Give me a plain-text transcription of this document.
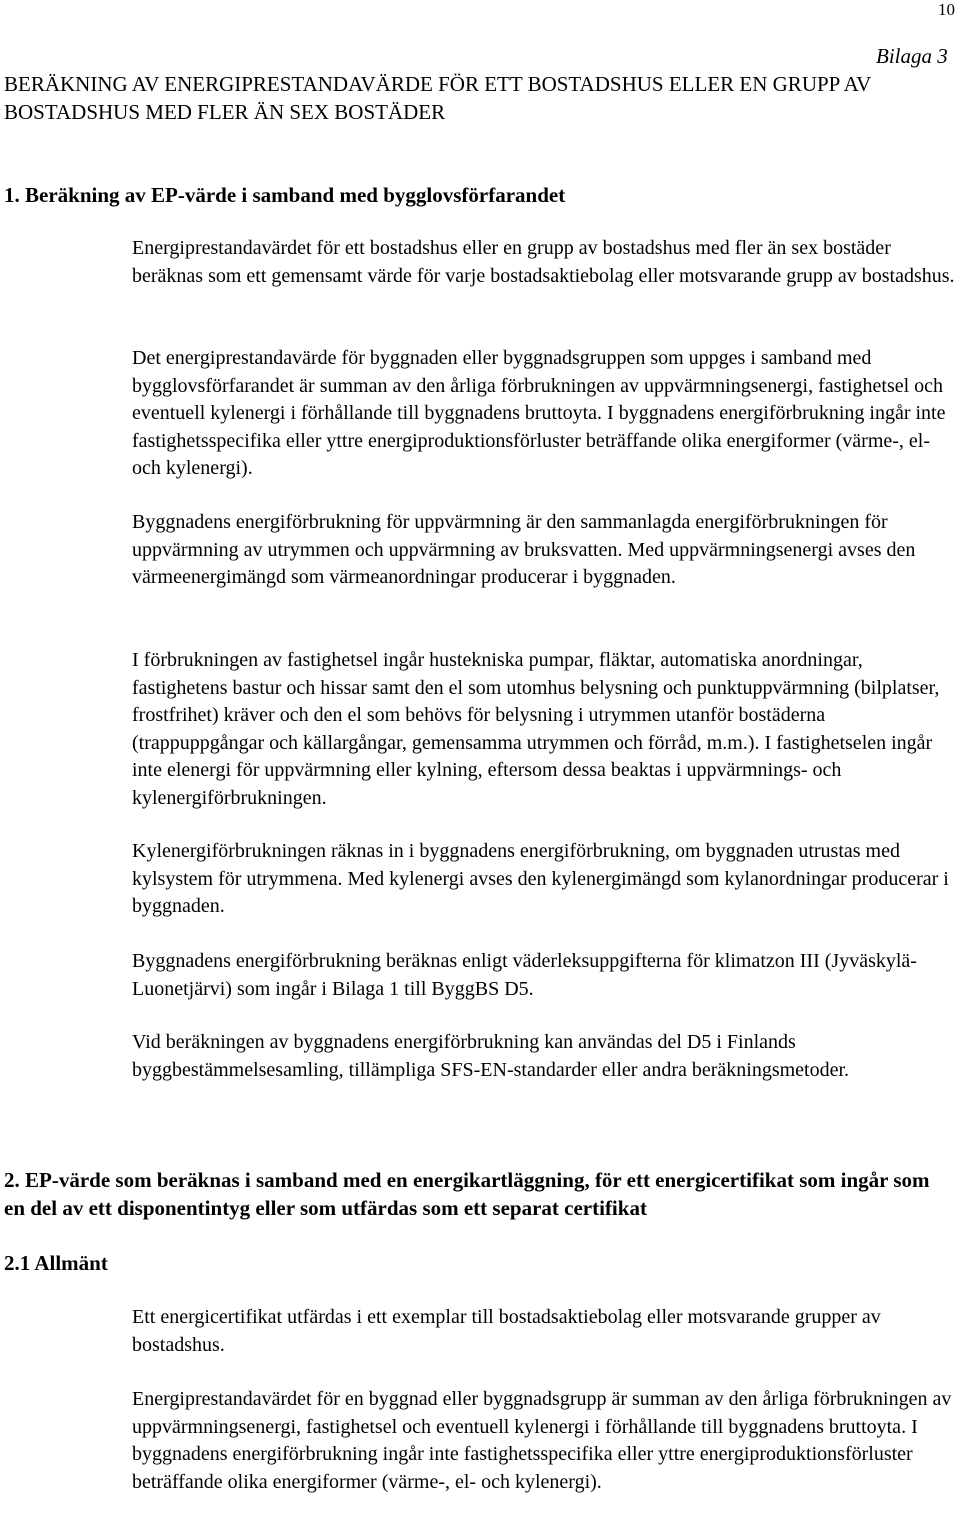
10
Bilaga 3
BERÄKNING AV ENERGIPRESTANDAVÄRDE FÖR ETT BOSTADSHUS ELLER EN GRUPP AV BOSTADSHUS MED FLER ÄN SEX BOSTÄDER
1. Beräkning av EP-värde i samband med bygglovsförfarandet

Energiprestandavärdet för ett bostadshus eller en grupp av bostadshus med fler än sex bostäder beräknas som ett gemensamt värde för varje bostadsaktiebolag eller motsvarande grupp av bostadshus.

Det energiprestandavärde för byggnaden eller byggnadsgruppen som uppges i samband med bygglovsförfarandet är summan av den årliga förbrukningen av uppvärmningsenergi, fastighetsel och eventuell kylenergi i förhållande till byggnadens bruttoyta. I byggnadens energiförbrukning ingår inte fastighetsspecifika eller yttre energiproduktionsförluster beträffande olika energiformer (värme-, el- och kylenergi).

Byggnadens energiförbrukning för uppvärmning är den sammanlagda energiförbrukningen för uppvärmning av utrymmen och uppvärmning av bruksvatten. Med uppvärmningsenergi avses den värmeenergimängd som värmeanordningar producerar i byggnaden.

I förbrukningen av fastighetsel ingår hustekniska pumpar, fläktar, automatiska anordningar, fastighetens bastur och hissar samt den el som utomhus belysning och punktuppvärmning (bilplatser, frostfrihet) kräver och den el som behövs för belysning i utrymmen utanför bostäderna (trappuppgångar och källargångar, gemensamma utrymmen och förråd, m.m.). I fastighetselen ingår inte elenergi för uppvärmning eller kylning, eftersom dessa beaktas i uppvärmnings- och kylenergiförbrukningen.

Kylenergiförbrukningen räknas in i byggnadens energiförbrukning, om byggnaden utrustas med kylsystem för utrymmena. Med kylenergi avses den kylenergimängd som kylanordningar producerar i byggnaden.

Byggnadens energiförbrukning beräknas enligt väderleksuppgifterna för klimatzon III (Jyväskylä-Luonetjärvi) som ingår i Bilaga 1 till ByggBS D5.

Vid beräkningen av byggnadens energiförbrukning kan användas del D5 i Finlands byggbestämmelsesamling, tillämpliga SFS-EN-standarder eller andra beräkningsmetoder.

2. EP-värde som beräknas i samband med en energikartläggning, för ett energicertifikat som ingår som en del av ett disponentintyg eller som utfärdas som ett separat certifikat
2.1 Allmänt

Ett energicertifikat utfärdas i ett exemplar till bostadsaktiebolag eller motsvarande grupper av bostadshus.

Energiprestandavärdet för en byggnad eller byggnadsgrupp är summan av den årliga förbrukningen av uppvärmningsenergi, fastighetsel och eventuell kylenergi i förhållande till byggnadens bruttoyta. I byggnadens energiförbrukning ingår inte fastighetsspecifika eller yttre energiproduktionsförluster beträffande olika energiformer (värme-, el- och kylenergi).
